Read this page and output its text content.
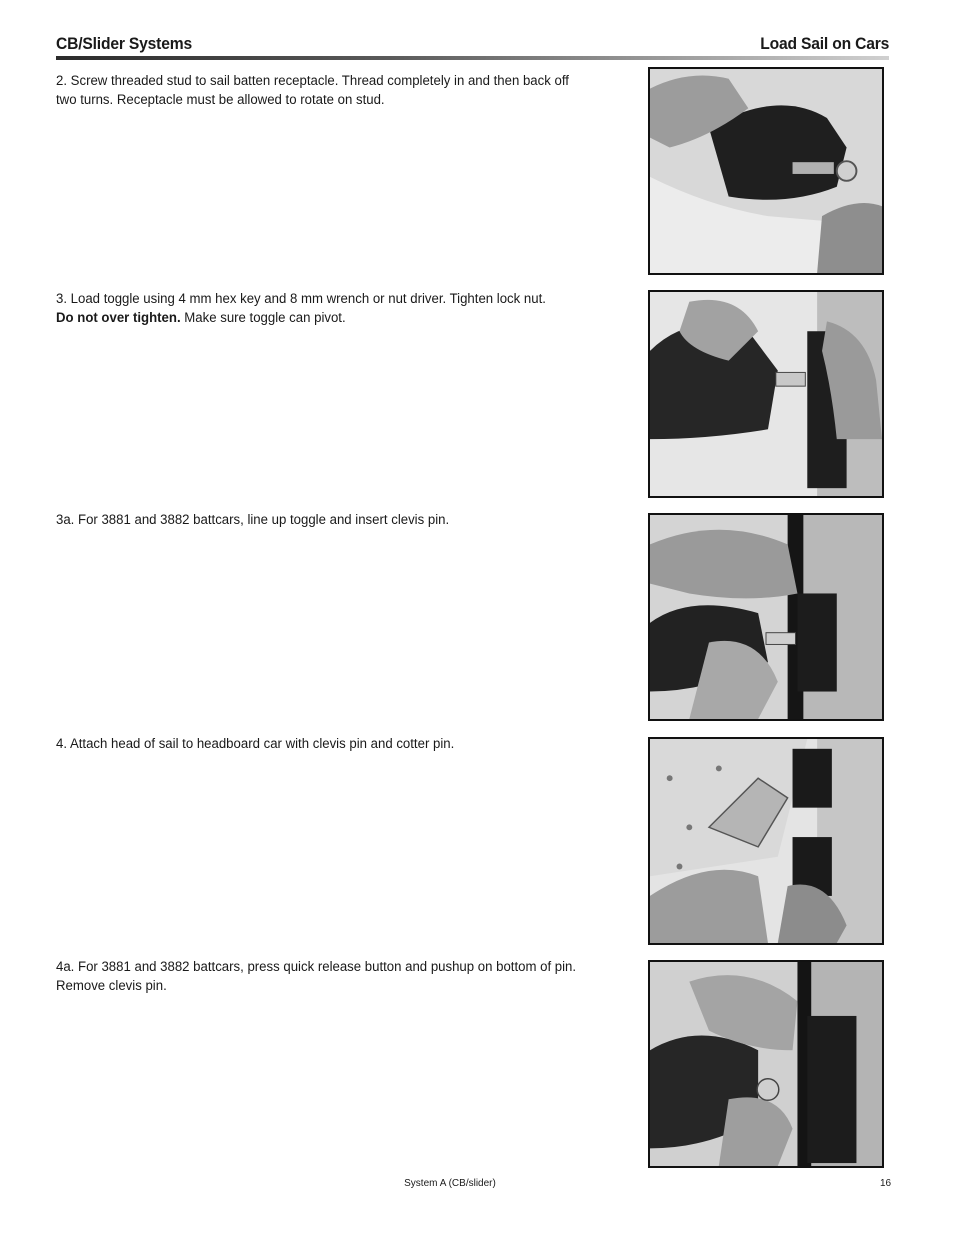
CB/Slider Systems	Load Sail on Cars
2. Screw threaded stud to sail batten receptacle. Thread completely in and then back off two turns. Receptacle must be allowed to rotate on stud.
3. Load toggle using 4 mm hex key and 8 mm wrench or nut driver. Tighten lock nut.
Do not over tighten. Make sure toggle can pivot.
3a. For 3881 and 3882 battcars, line up toggle and insert clevis pin.
4. Attach head of sail to headboard car with clevis pin and cotter pin.
4a. For 3881 and 3882 battcars, press quick release button and pushup on bottom of pin. Remove clevis pin.
System A (CB/slider)	16
